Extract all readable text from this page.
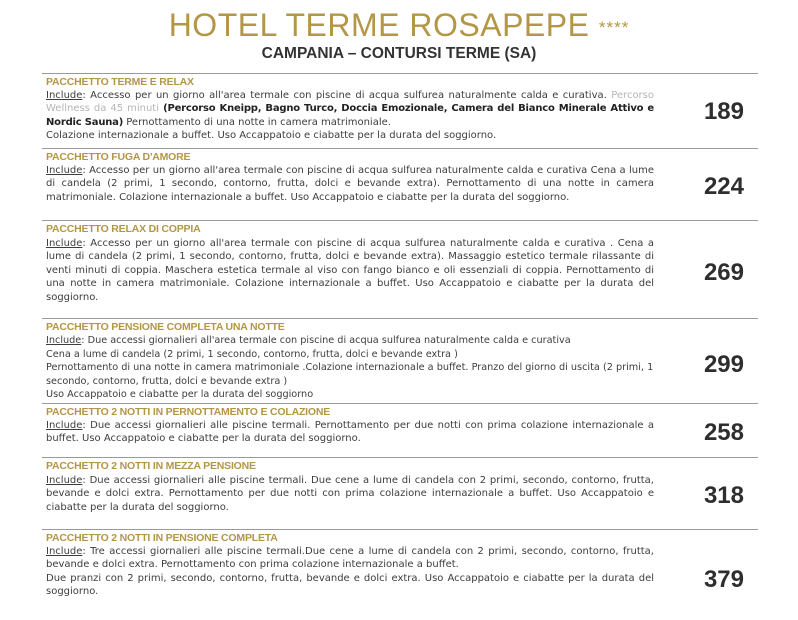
HOTEL TERME ROSAPEPE ****
CAMPANIA – CONTURSI TERME (SA)
PACCHETTO TERME E RELAX
Include: Accesso per un giorno all'area termale con piscine di acqua sulfurea naturalmente calda e curativa. Percorso Wellness da 45 minuti (Percorso Kneipp, Bagno Turco, Doccia Emozionale, Camera del Bianco Minerale Attivo e Nordic Sauna) Pernottamento di una notte in camera matrimoniale.

Colazione internazionale a buffet. Uso Accappatoio e ciabatte per la durata del soggiorno.

189
PACCHETTO FUGA D'AMORE
Include: Accesso per un giorno all'area termale con piscine di acqua sulfurea naturalmente calda e curativa Cena a lume di candela (2 primi, 1 secondo, contorno, frutta, dolci e bevande extra). Pernottamento di una notte in camera matrimoniale. Colazione internazionale a buffet. Uso Accappatoio e ciabatte per la durata del soggiorno.	224
PACCHETTO RELAX DI COPPIA
Include: Accesso per un giorno all'area termale con piscine di acqua sulfurea naturalmente calda e curativa . Cena a lume di candela (2 primi, 1 secondo, contorno, frutta, dolci e bevande extra). Massaggio estetico termale rilassante di venti minuti di coppia. Maschera estetica termale al viso con fango bianco e oli essenziali di coppia. Pernottamento di una notte in camera matrimoniale. Colazione internazionale a buffet. Uso Accappatoio e ciabatte per la durata del soggiorno.
269
PACCHETTO PENSIONE COMPLETA UNA NOTTE

Include: Due accessi giornalieri all'area termale con piscine di acqua sulfurea naturalmente calda e curativa

Cena a lume di candela (2 primi, 1 secondo, contorno, frutta, dolci e bevande extra )

Pernottamento di una notte in camera matrimoniale .Colazione internazionale a buffet. Pranzo del giorno di uscita (2 primi, 1 secondo, contorno, frutta, dolci e bevande extra )

Uso Accappatoio e ciabatte per la durata del soggiorno

299
PACCHETTO 2 NOTTI IN PERNOTTAMENTO E COLAZIONE
Include: Due accessi giornalieri alle piscine termali. Pernottamento per due notti con prima colazione internazionale a buffet. Uso Accappatoio e ciabatte per la durata del soggiorno.	258
PACCHETTO 2 NOTTI IN MEZZA PENSIONE
Include: Due accessi giornalieri alle piscine termali. Due cene a lume di candela con 2 primi, secondo, contorno, frutta, bevande e dolci extra. Pernottamento per due notti con prima colazione internazionale a buffet. Uso Accappatoio e ciabatte per la durata del soggiorno.	318
PACCHETTO 2 NOTTI IN PENSIONE COMPLETA
Include: Tre accessi giornalieri alle piscine termali.Due cene a lume di candela con 2 primi, secondo, contorno, frutta, bevande e dolci extra. Pernottamento con prima colazione internazionale a buffet.

Due pranzi con 2 primi, secondo, contorno, frutta, bevande e dolci extra. Uso Accappatoio e ciabatte per la durata del soggiorno.	379
